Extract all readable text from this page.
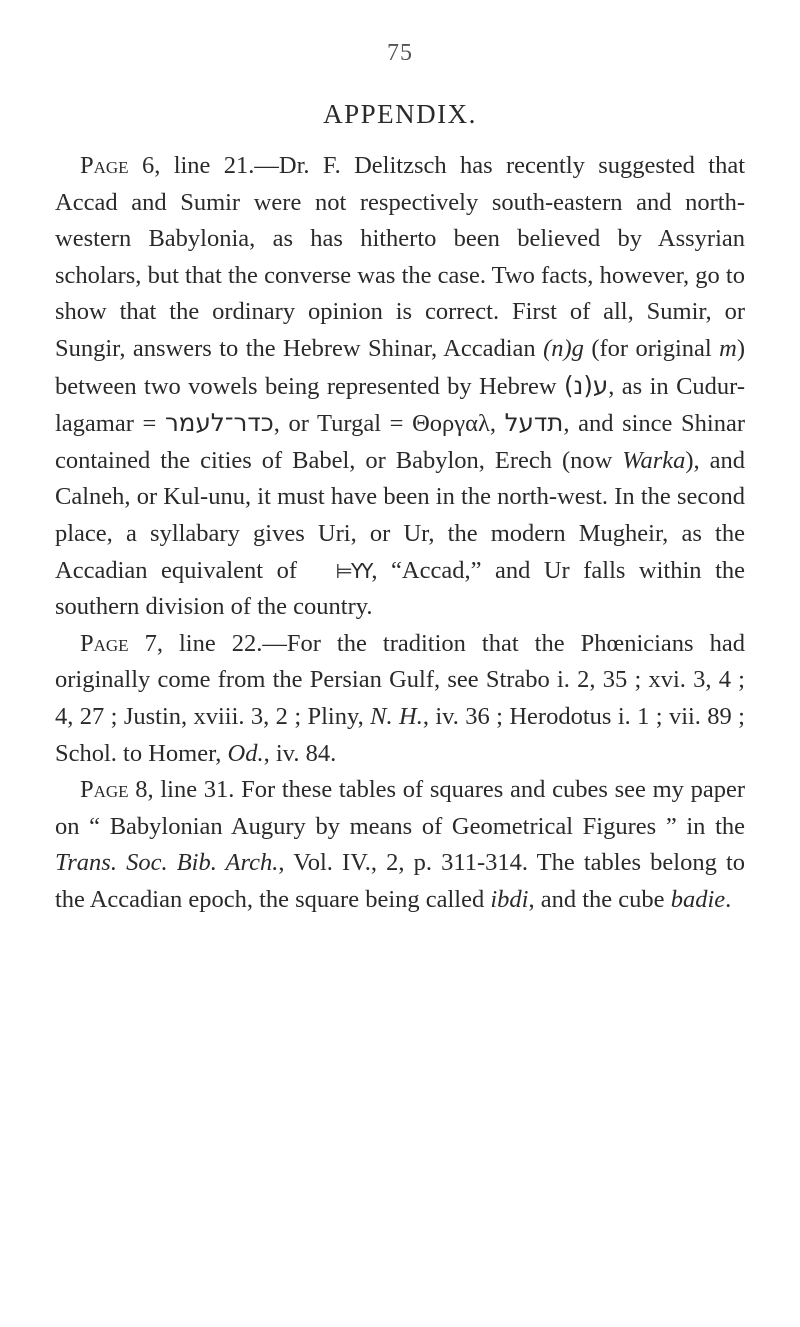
75
APPENDIX.

Page 6, line 21.—Dr. F. Delitzsch has recently suggested that Accad and Sumir were not respectively south-eastern and north-western Babylonia, as has hitherto been believed by Assyrian scholars, but that the converse was the case. Two facts, however, go to show that the ordinary opinion is correct. First of all, Sumir, or Sungir, answers to the Hebrew Shinar, Accadian (n)g (for original m) between two vowels being represented by Hebrew ע(נ), as in Cudur-lagamar = כדר־לעמר, or Turgal = Θοργαλ, תדעל, and since Shinar contained the cities of Babel, or Babylon, Erech (now Warka), and Calneh, or Kul-unu, it must have been in the north-west. In the second place, a syllabary gives Uri, or Ur, the modern Mugheir, as the Accadian equivalent of ⊨YY, “Accad,” and Ur falls within the southern division of the country.

Page 7, line 22.—For the tradition that the Phœnicians had originally come from the Persian Gulf, see Strabo i. 2, 35 ; xvi. 3, 4 ; 4, 27 ; Justin, xviii. 3, 2 ; Pliny, N. H., iv. 36 ; Herodotus i. 1 ; vii. 89 ; Schol. to Homer, Od., iv. 84.

Page 8, line 31. For these tables of squares and cubes see my paper on “ Babylonian Augury by means of Geometrical Figures ” in the Trans. Soc. Bib. Arch., Vol. IV., 2, p. 311-314. The tables belong to the Accadian epoch, the square being called ibdi, and the cube badie.
